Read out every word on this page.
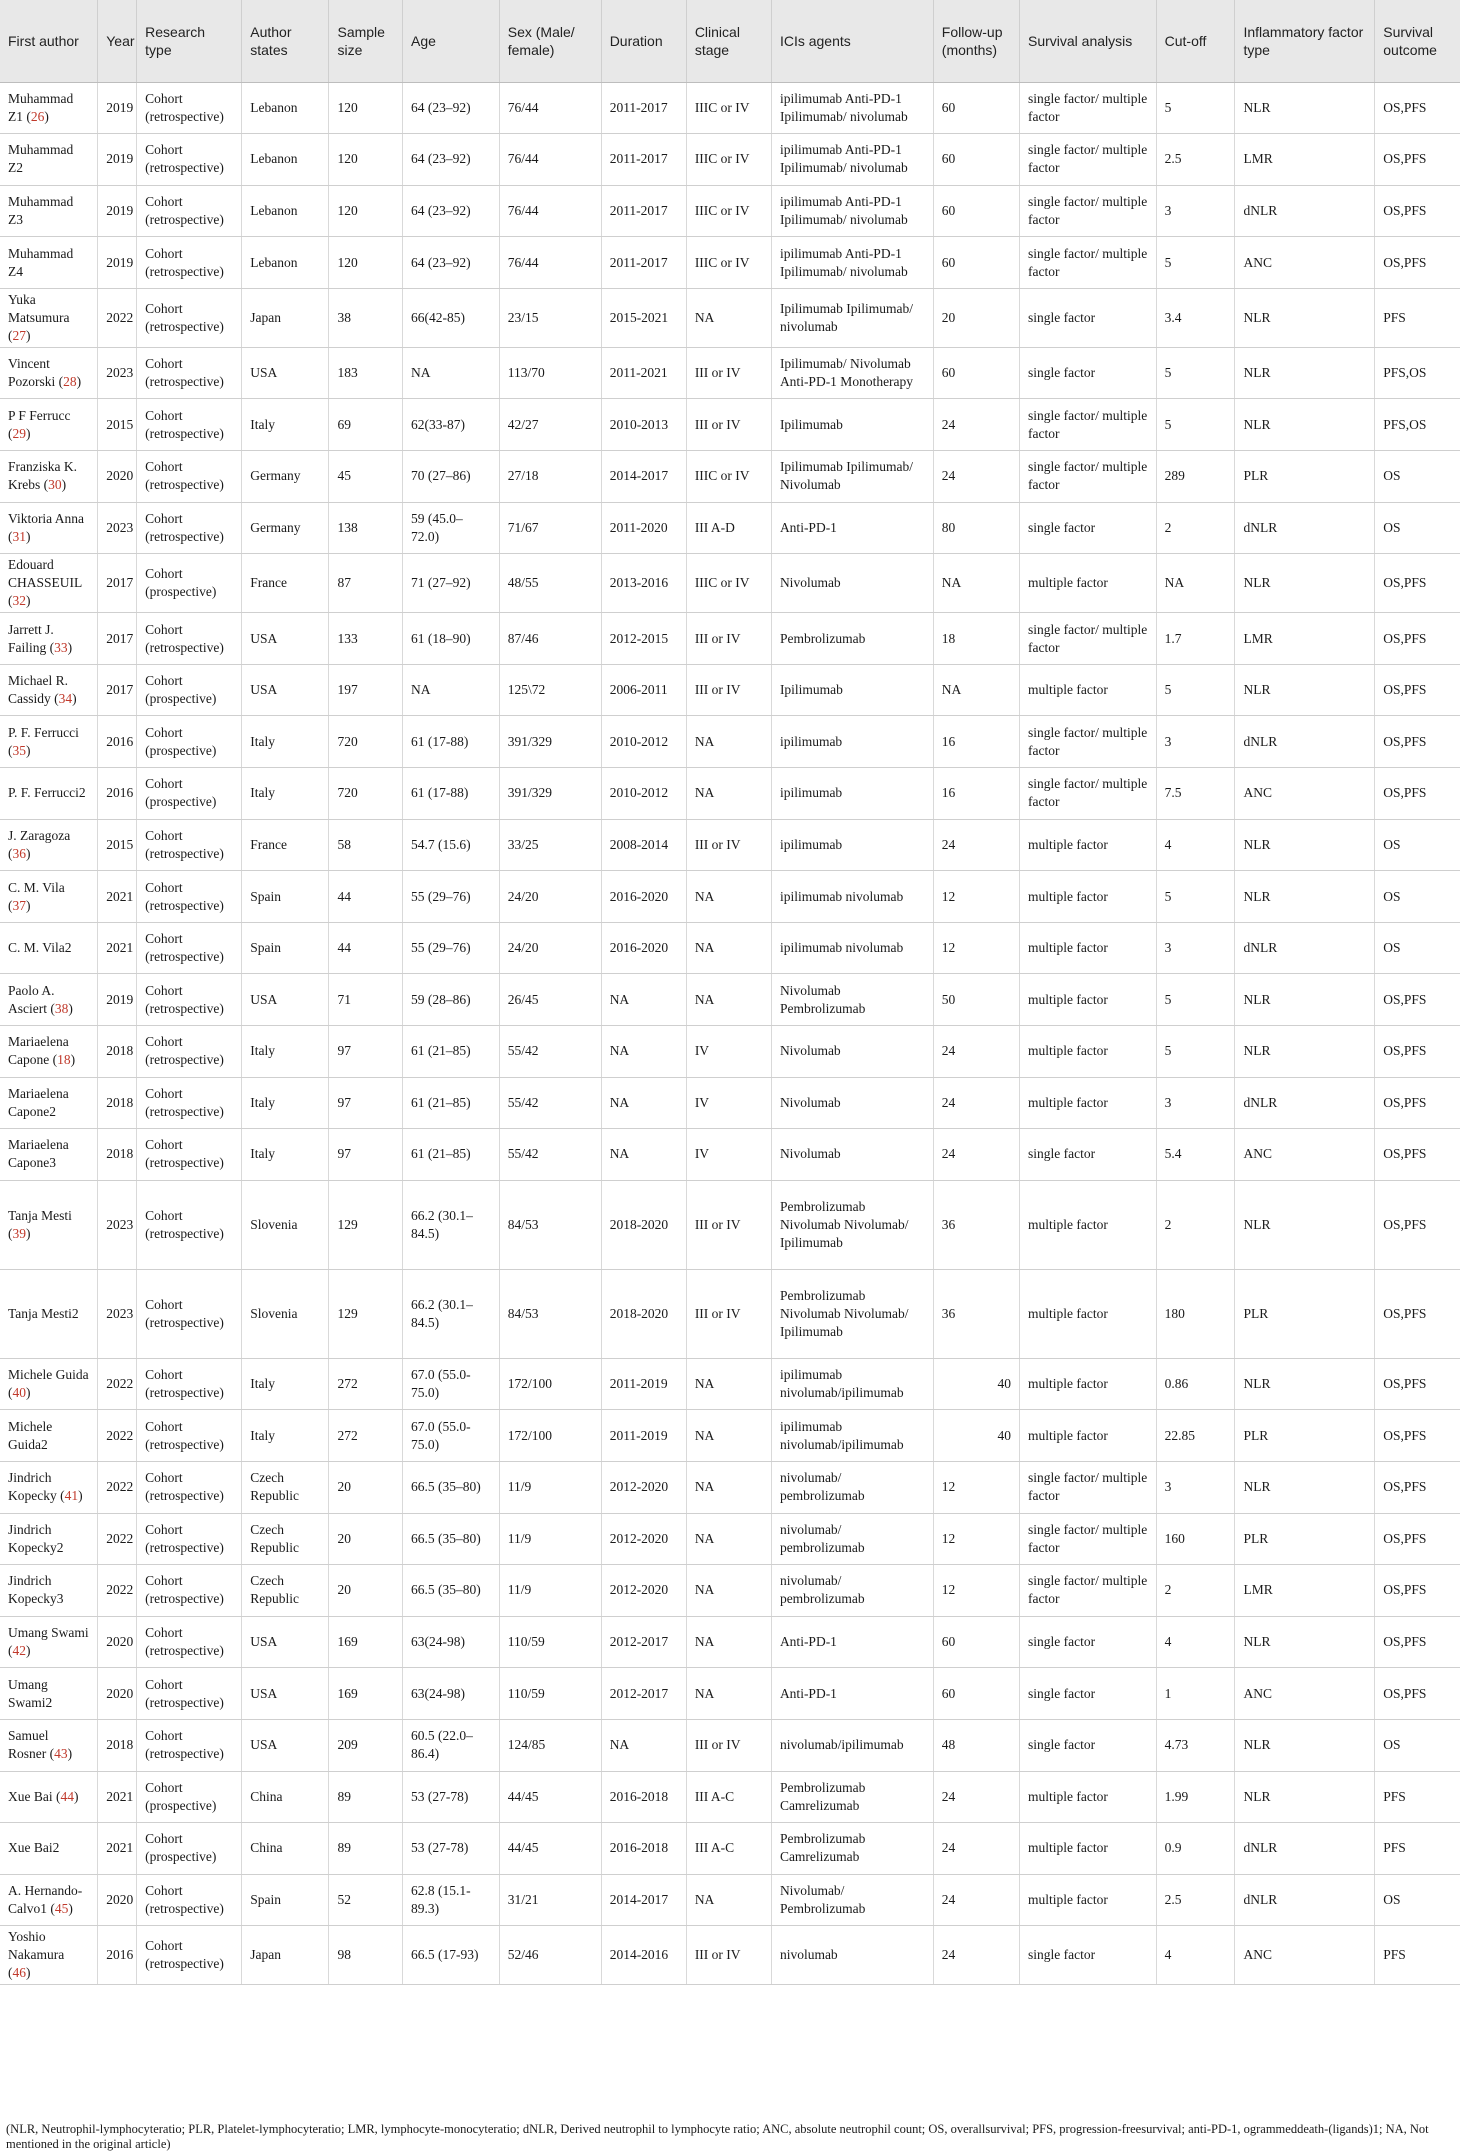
First author	Year	Research type	Author states	Sample size	Age	Sex (Male/ female)	Duration	Clinical stage	ICIs agents	Follow-up (months)	Survival analysis	Cut-off	Inflammatory factor type	Survival outcome
Muhammad Z1 (26)	2019	Cohort (retrospective)	Lebanon	120	64 (23–92)	76/44	2011-2017	IIIC or IV	ipilimumab Anti-PD-1 Ipilimumab/ nivolumab	60	single factor/ multiple factor	5	NLR	OS,PFS
Muhammad Z2	2019	Cohort (retrospective)	Lebanon	120	64 (23–92)	76/44	2011-2017	IIIC or IV	ipilimumab Anti-PD-1 Ipilimumab/ nivolumab	60	single factor/ multiple factor	2.5	LMR	OS,PFS
Muhammad Z3	2019	Cohort (retrospective)	Lebanon	120	64 (23–92)	76/44	2011-2017	IIIC or IV	ipilimumab Anti-PD-1 Ipilimumab/ nivolumab	60	single factor/ multiple factor	3	dNLR	OS,PFS
Muhammad Z4	2019	Cohort (retrospective)	Lebanon	120	64 (23–92)	76/44	2011-2017	IIIC or IV	ipilimumab Anti-PD-1 Ipilimumab/ nivolumab	60	single factor/ multiple factor	5	ANC	OS,PFS
Yuka Matsumura (27)	2022	Cohort (retrospective)	Japan	38	66(42-85)	23/15	2015-2021	NA	Ipilimumab Ipilimumab/ nivolumab	20	single factor	3.4	NLR	PFS
Vincent Pozorski (28)	2023	Cohort (retrospective)	USA	183	NA	113/70	2011-2021	III or IV	Ipilimumab/ Nivolumab Anti-PD-1 Monotherapy	60	single factor	5	NLR	PFS,OS
P F Ferrucc (29)	2015	Cohort (retrospective)	Italy	69	62(33-87)	42/27	2010-2013	III or IV	Ipilimumab	24	single factor/ multiple factor	5	NLR	PFS,OS
Franziska K. Krebs (30)	2020	Cohort (retrospective)	Germany	45	70 (27–86)	27/18	2014-2017	IIIC or IV	Ipilimumab Ipilimumab/ Nivolumab	24	single factor/ multiple factor	289	PLR	OS
Viktoria Anna (31)	2023	Cohort (retrospective)	Germany	138	59 (45.0–72.0)	71/67	2011-2020	III A-D	Anti-PD-1	80	single factor	2	dNLR	OS
Edouard CHASSEUIL (32)	2017	Cohort (prospective)	France	87	71 (27–92)	48/55	2013-2016	IIIC or IV	Nivolumab	NA	multiple factor	NA	NLR	OS,PFS
Jarrett J. Failing (33)	2017	Cohort (retrospective)	USA	133	61 (18–90)	87/46	2012-2015	III or IV	Pembrolizumab	18	single factor/ multiple factor	1.7	LMR	OS,PFS
Michael R. Cassidy (34)	2017	Cohort (prospective)	USA	197	NA	125\72	2006-2011	III or IV	Ipilimumab	NA	multiple factor	5	NLR	OS,PFS
P. F. Ferrucci (35)	2016	Cohort (prospective)	Italy	720	61 (17-88)	391/329	2010-2012	NA	ipilimumab	16	single factor/ multiple factor	3	dNLR	OS,PFS
P. F. Ferrucci2	2016	Cohort (prospective)	Italy	720	61 (17-88)	391/329	2010-2012	NA	ipilimumab	16	single factor/ multiple factor	7.5	ANC	OS,PFS
J. Zaragoza (36)	2015	Cohort (retrospective)	France	58	54.7 (15.6)	33/25	2008-2014	III or IV	ipilimumab	24	multiple factor	4	NLR	OS
C. M. Vila (37)	2021	Cohort (retrospective)	Spain	44	55 (29–76)	24/20	2016-2020	NA	ipilimumab nivolumab	12	multiple factor	5	NLR	OS
C. M. Vila2	2021	Cohort (retrospective)	Spain	44	55 (29–76)	24/20	2016-2020	NA	ipilimumab nivolumab	12	multiple factor	3	dNLR	OS
Paolo A. Asciert (38)	2019	Cohort (retrospective)	USA	71	59 (28–86)	26/45	NA	NA	Nivolumab Pembrolizumab	50	multiple factor	5	NLR	OS,PFS
Mariaelena Capone (18)	2018	Cohort (retrospective)	Italy	97	61 (21–85)	55/42	NA	IV	Nivolumab	24	multiple factor	5	NLR	OS,PFS
Mariaelena Capone2	2018	Cohort (retrospective)	Italy	97	61 (21–85)	55/42	NA	IV	Nivolumab	24	multiple factor	3	dNLR	OS,PFS
Mariaelena Capone3	2018	Cohort (retrospective)	Italy	97	61 (21–85)	55/42	NA	IV	Nivolumab	24	single factor	5.4	ANC	OS,PFS
Tanja Mesti (39)	2023	Cohort (retrospective)	Slovenia	129	66.2 (30.1–84.5)	84/53	2018-2020	III or IV	Pembrolizumab Nivolumab Nivolumab/ Ipilimumab	36	multiple factor	2	NLR	OS,PFS
Tanja Mesti2	2023	Cohort (retrospective)	Slovenia	129	66.2 (30.1–84.5)	84/53	2018-2020	III or IV	Pembrolizumab Nivolumab Nivolumab/ Ipilimumab	36	multiple factor	180	PLR	OS,PFS
Michele Guida (40)	2022	Cohort (retrospective)	Italy	272	67.0 (55.0-75.0)	172/100	2011-2019	NA	ipilimumab nivolumab/ipilimumab	40	multiple factor	0.86	NLR	OS,PFS
Michele Guida2	2022	Cohort (retrospective)	Italy	272	67.0 (55.0-75.0)	172/100	2011-2019	NA	ipilimumab nivolumab/ipilimumab	40	multiple factor	22.85	PLR	OS,PFS
Jindrich Kopecky (41)	2022	Cohort (retrospective)	Czech Republic	20	66.5 (35–80)	11/9	2012-2020	NA	nivolumab/ pembrolizumab	12	single factor/ multiple factor	3	NLR	OS,PFS
Jindrich Kopecky2	2022	Cohort (retrospective)	Czech Republic	20	66.5 (35–80)	11/9	2012-2020	NA	nivolumab/ pembrolizumab	12	single factor/ multiple factor	160	PLR	OS,PFS
Jindrich Kopecky3	2022	Cohort (retrospective)	Czech Republic	20	66.5 (35–80)	11/9	2012-2020	NA	nivolumab/ pembrolizumab	12	single factor/ multiple factor	2	LMR	OS,PFS
Umang Swami (42)	2020	Cohort (retrospective)	USA	169	63(24-98)	110/59	2012-2017	NA	Anti-PD-1	60	single factor	4	NLR	OS,PFS
Umang Swami2	2020	Cohort (retrospective)	USA	169	63(24-98)	110/59	2012-2017	NA	Anti-PD-1	60	single factor	1	ANC	OS,PFS
Samuel Rosner (43)	2018	Cohort (retrospective)	USA	209	60.5 (22.0–86.4)	124/85	NA	III or IV	nivolumab/ipilimumab	48	single factor	4.73	NLR	OS
Xue Bai (44)	2021	Cohort (prospective)	China	89	53 (27-78)	44/45	2016-2018	III A-C	Pembrolizumab Camrelizumab	24	multiple factor	1.99	NLR	PFS
Xue Bai2	2021	Cohort (prospective)	China	89	53 (27-78)	44/45	2016-2018	III A-C	Pembrolizumab Camrelizumab	24	multiple factor	0.9	dNLR	PFS
A. Hernando-Calvo1 (45)	2020	Cohort (retrospective)	Spain	52	62.8 (15.1-89.3)	31/21	2014-2017	NA	Nivolumab/ Pembrolizumab	24	multiple factor	2.5	dNLR	OS
Yoshio Nakamura (46)	2016	Cohort (retrospective)	Japan	98	66.5 (17-93)	52/46	2014-2016	III or IV	nivolumab	24	single factor	4	ANC	PFS
(NLR, Neutrophil-lymphocyteratio; PLR, Platelet-lymphocyteratio; LMR, lymphocyte-monocyteratio; dNLR, Derived neutrophil to lymphocyte ratio; ANC, absolute neutrophil count; OS, overallsurvival; PFS, progression-freesurvival; anti-PD-1, ogrammeddeath-(ligands)1; NA, Not mentioned in the original article)
